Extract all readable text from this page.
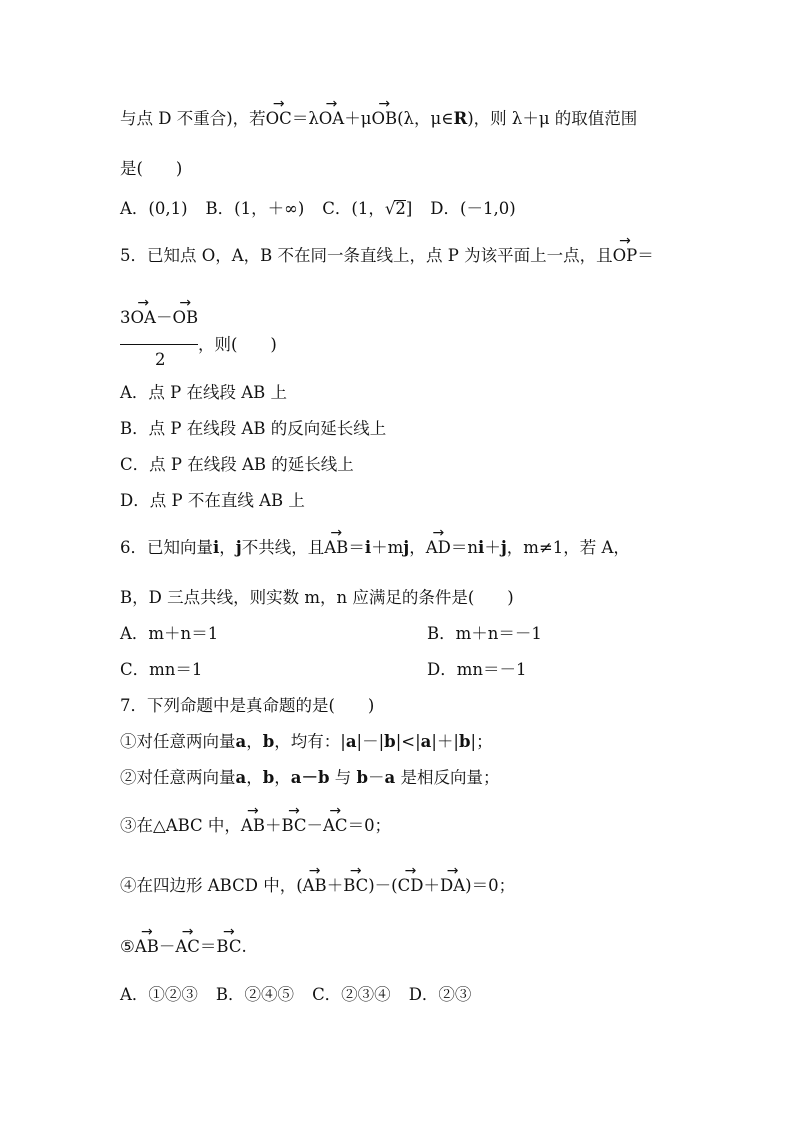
与点 D 不重合)，若→ OC＝λ→ OA＋μ→ OB(λ，μ∈R)，则 λ＋μ 的取值范围
是(　　)
A．(0,1) B．(1，＋∞) C．(1，√2] D．(－1,0)
5．已知点 O，A，B 不在同一条直线上，点 P 为该平面上一点，且→ OP＝
3→ OA－→ OB
，则(　　)
2
A．点 P 在线段 AB 上
B．点 P 在线段 AB 的反向延长线上
C．点 P 在线段 AB 的延长线上
D．点 P 不在直线 AB 上
6．已知向量i，j不共线，且→ AB＝i＋mj，→ AD＝ni＋j，m≠1，若 A，
B，D 三点共线，则实数 m，n 应满足的条件是(　　)
A．m＋n＝1	B．m＋n＝－1
C．mn＝1	D．mn＝－1
7．下列命题中是真命题的是(　　)
①对任意两向量a，b，均有：|a|－|b|<|a|＋|b|；
②对任意两向量a，b，a－b 与 b－a 是相反向量；
③在△ABC 中，→ AB＋→ BC－→ AC＝0；
④在四边形 ABCD 中，(→ AB＋→ BC)－(→ CD＋→ DA)＝0；
⑤→ AB－→ AC＝→ BC.
A．①②③ B．②④⑤ C．②③④ D．②③
